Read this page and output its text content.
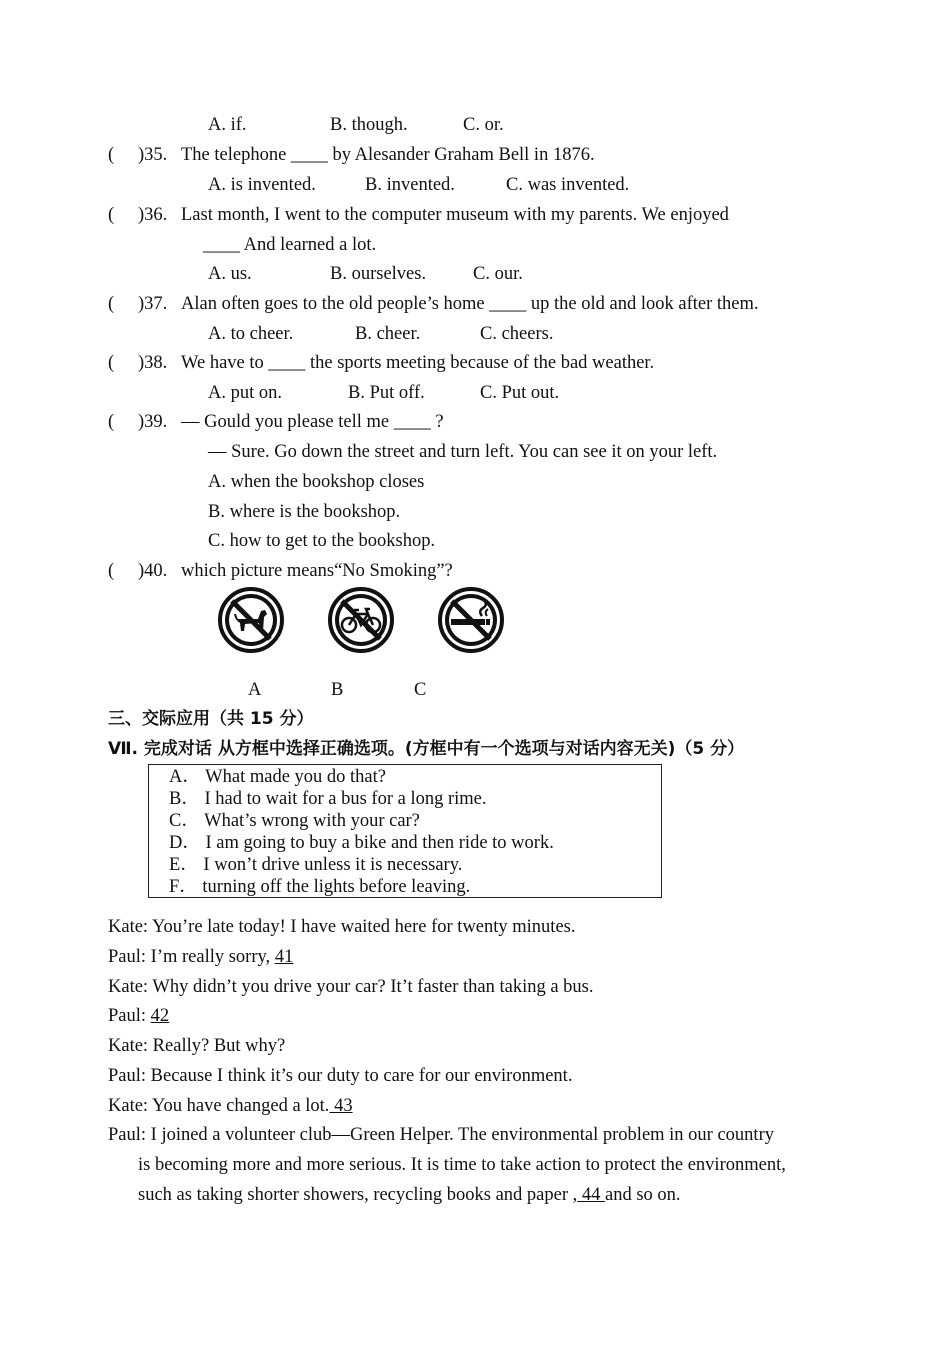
A. if.	B. though.	C. or.
( )35. The telephone ____ by Alesander Graham Bell in 1876.
A. is invented.	B. invented.	C. was invented.
( )36. Last month, I went to the computer museum with my parents. We enjoyed
____ And learned a lot.
A. us.	B. ourselves.	C. our.
( )37. Alan often goes to the old people’s home ____ up the old and look after them.
A. to cheer.	B. cheer.	C. cheers.
( )38. We have to ____ the sports meeting because of the bad weather.
A. put on.	B. Put off.	C. Put out.
( )39. — Gould you please tell me ____ ?
— Sure. Go down the street and turn left. You can see it on your left.
A. when the bookshop closes
B. where is the bookshop.
C. how to get to the bookshop.
( )40. which picture means“No Smoking”?
A	B	C
三、交际应用（共 15 分）
Ⅶ. 完成对话 从方框中选择正确选项。(方框中有一个选项与对话内容无关)（5 分）
A． What made you do that?
B． I had to wait for a bus for a long rime.
C． What’s wrong with your car?
D． I am going to buy a bike and then ride to work.
E． I won’t drive unless it is necessary.
F． turning off the lights before leaving.
Kate: You’re late today! I have waited here for twenty minutes.
Paul: I’m really sorry, 41
Kate: Why didn’t you drive your car? It’t faster than taking a bus.
Paul: 42
Kate: Really? But why?
Paul: Because I think it’s our duty to care for our environment.
Kate: You have changed a lot. 43
Paul: I joined a volunteer club—Green Helper. The environmental problem in our country
is becoming more and more serious. It is time to take action to protect the environment,
such as taking shorter showers, recycling books and paper , 44 and so on.
